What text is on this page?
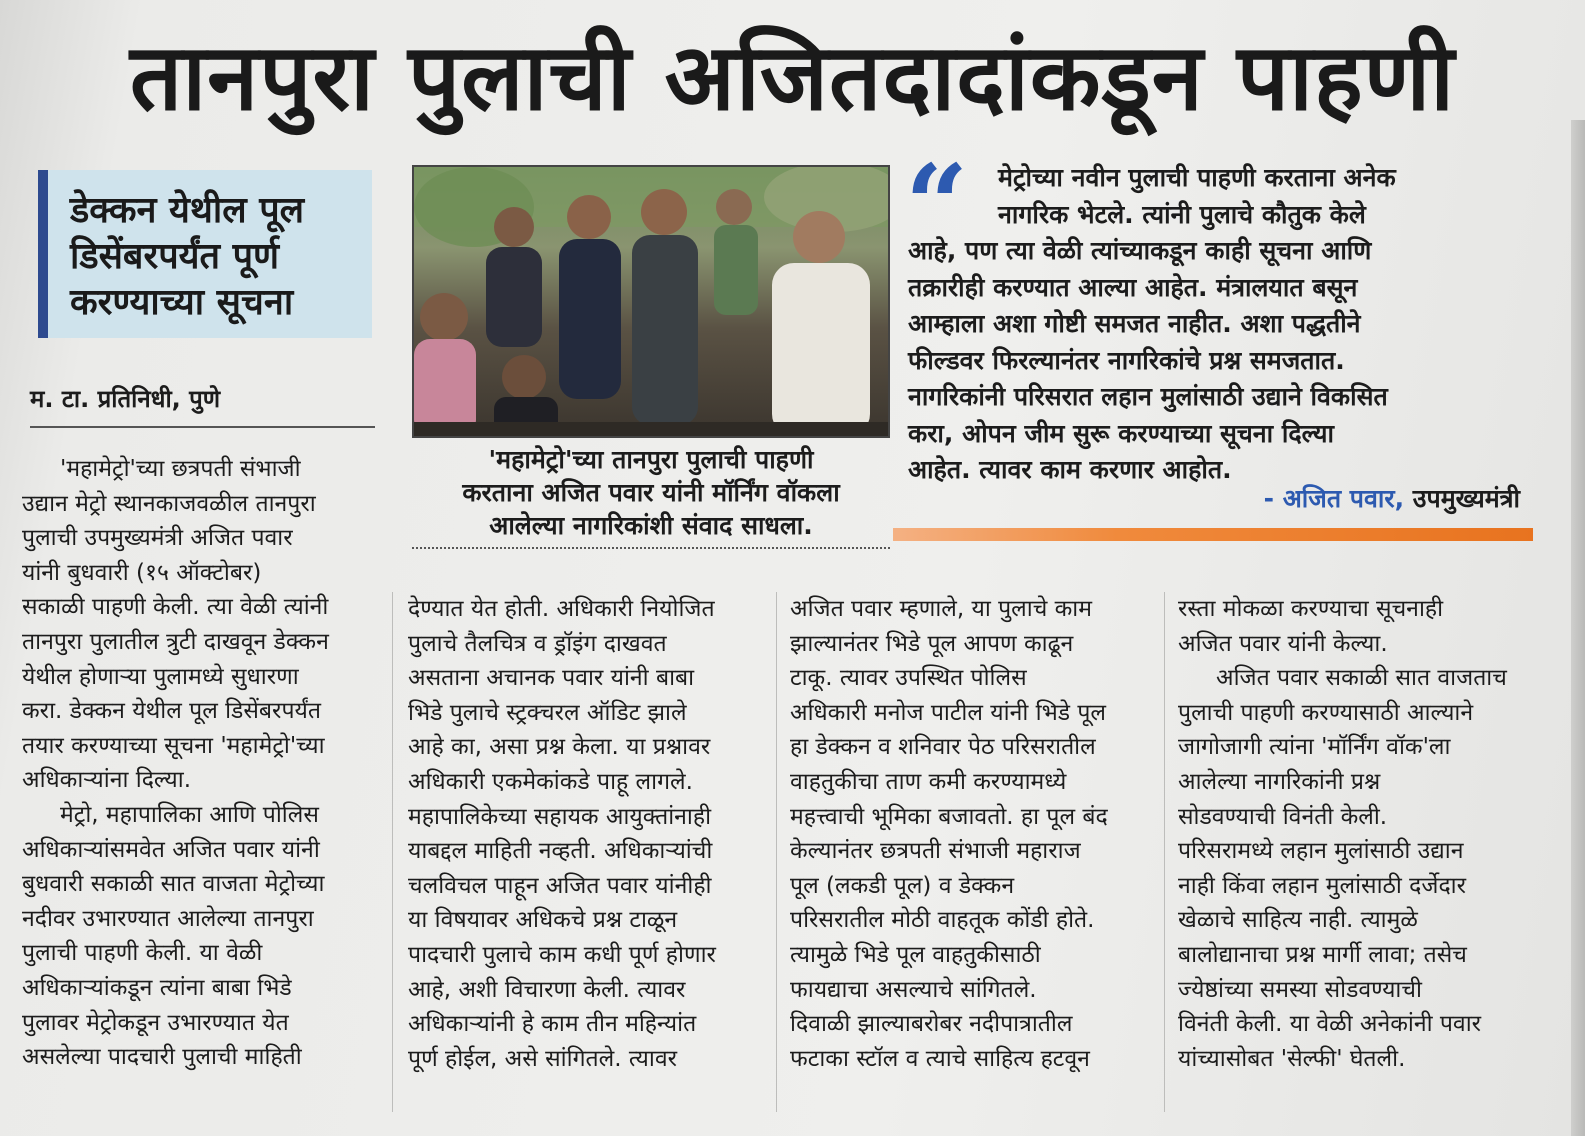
तानपुरा पुलाची अजितदादांकडून पाहणी
डेक्कन येथील पूल
डिसेंबरपर्यंत पूर्ण
करण्याच्या सूचना
म. टा. प्रतिनिधी, पुणे
'महामेट्रो'च्या तानपुरा पुलाची पाहणी
करताना अजित पवार यांनी मॉर्निंग वॉकला
आलेल्या नागरिकांशी संवाद साधला.
“	मेट्रोच्या नवीन पुलाची पाहणी करताना अनेक
नागरिक भेटले. त्यांनी पुलाचे कौतुक केले
आहे, पण त्या वेळी त्यांच्याकडून काही सूचना आणि
तक्रारीही करण्यात आल्या आहेत. मंत्रालयात बसून
आम्हाला अशा गोष्टी समजत नाहीत. अशा पद्धतीने
फील्डवर फिरल्यानंतर नागरिकांचे प्रश्न समजतात.
नागरिकांनी परिसरात लहान मुलांसाठी उद्याने विकसित
करा, ओपन जीम सुरू करण्याच्या सूचना दिल्या
आहेत. त्यावर काम करणार आहोत.
- अजित पवार, उपमुख्यमंत्री
'महामेट्रो'च्या छत्रपती संभाजी
उद्यान मेट्रो स्थानकाजवळील तानपुरा
पुलाची उपमुख्यमंत्री अजित पवार
यांनी बुधवारी (१५ ऑक्टोबर)
सकाळी पाहणी केली. त्या वेळी त्यांनी
तानपुरा पुलातील त्रुटी दाखवून डेक्कन
येथील होणाऱ्या पुलामध्ये सुधारणा
करा. डेक्कन येथील पूल डिसेंबरपर्यंत
तयार करण्याच्या सूचना 'महामेट्रो'च्या
अधिकाऱ्यांना दिल्या.
मेट्रो, महापालिका आणि पोलिस
अधिकाऱ्यांसमवेत अजित पवार यांनी
बुधवारी सकाळी सात वाजता मेट्रोच्या
नदीवर उभारण्यात आलेल्या तानपुरा
पुलाची पाहणी केली. या वेळी
अधिकाऱ्यांकडून त्यांना बाबा भिडे
पुलावर मेट्रोकडून उभारण्यात येत
असलेल्या पादचारी पुलाची माहिती
देण्यात येत होती. अधिकारी नियोजित
पुलाचे तैलचित्र व ड्रॉइंग दाखवत
असताना अचानक पवार यांनी बाबा
भिडे पुलाचे स्ट्रक्चरल ऑडिट झाले
आहे का, असा प्रश्न केला. या प्रश्नावर
अधिकारी एकमेकांकडे पाहू लागले.
महापालिकेच्या सहायक आयुक्तांनाही
याबद्दल माहिती नव्हती. अधिकाऱ्यांची
चलविचल पाहून अजित पवार यांनीही
या विषयावर अधिकचे प्रश्न टाळून
पादचारी पुलाचे काम कधी पूर्ण होणार
आहे, अशी विचारणा केली. त्यावर
अधिकाऱ्यांनी हे काम तीन महिन्यांत
पूर्ण होईल, असे सांगितले. त्यावर
अजित पवार म्हणाले, या पुलाचे काम
झाल्यानंतर भिडे पूल आपण काढून
टाकू. त्यावर उपस्थित पोलिस
अधिकारी मनोज पाटील यांनी भिडे पूल
हा डेक्कन व शनिवार पेठ परिसरातील
वाहतुकीचा ताण कमी करण्यामध्ये
महत्त्वाची भूमिका बजावतो. हा पूल बंद
केल्यानंतर छत्रपती संभाजी महाराज
पूल (लकडी पूल) व डेक्कन
परिसरातील मोठी वाहतूक कोंडी होते.
त्यामुळे भिडे पूल वाहतुकीसाठी
फायद्याचा असल्याचे सांगितले.
दिवाळी झाल्याबरोबर नदीपात्रातील
फटाका स्टॉल व त्याचे साहित्य हटवून
रस्ता मोकळा करण्याचा सूचनाही
अजित पवार यांनी केल्या.
अजित पवार सकाळी सात वाजताच
पुलाची पाहणी करण्यासाठी आल्याने
जागोजागी त्यांना 'मॉर्निंग वॉक'ला
आलेल्या नागरिकांनी प्रश्न
सोडवण्याची विनंती केली.
परिसरामध्ये लहान मुलांसाठी उद्यान
नाही किंवा लहान मुलांसाठी दर्जेदार
खेळाचे साहित्य नाही. त्यामुळे
बालोद्यानाचा प्रश्न मार्गी लावा; तसेच
ज्येष्ठांच्या समस्या सोडवण्याची
विनंती केली. या वेळी अनेकांनी पवार
यांच्यासोबत 'सेल्फी' घेतली.
